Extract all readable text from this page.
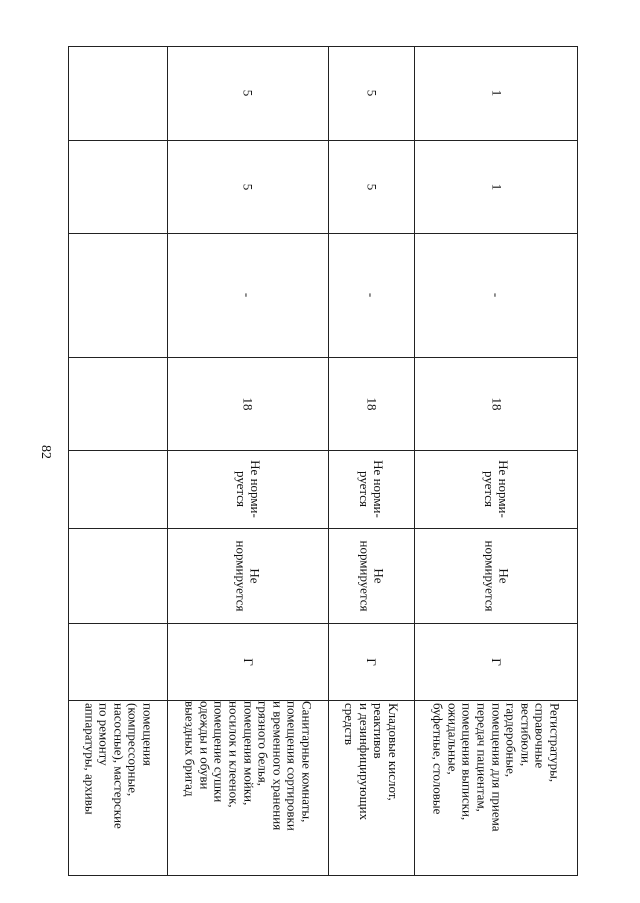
82
помещения
(компрессорные,
насосные), мастерские
по ремонту
аппаратуры, архивы
Санитарные комнаты,
помещения сортировки
и временного хранения
грязного белья,
помещения мойки,
носилок и клеенок,
помещение сушки
одежды и обуви
выездных бригад
Г
Не
нормируется
Не норми-
руется
18
-
5
5
Кладовые кислот,
реактивов
и дезинфицирующих
средств
Г
Не
нормируется
Не норми-
руется
18
-
5
5
Регистратуры,
справочные
вестибюли,
гардеробные,
помещения для приема
передач пациентам,
помещения выписки,
ожидальные,
буфетные, столовые
Г
Не
нормируется
Не норми-
руется
18
-
1
1
